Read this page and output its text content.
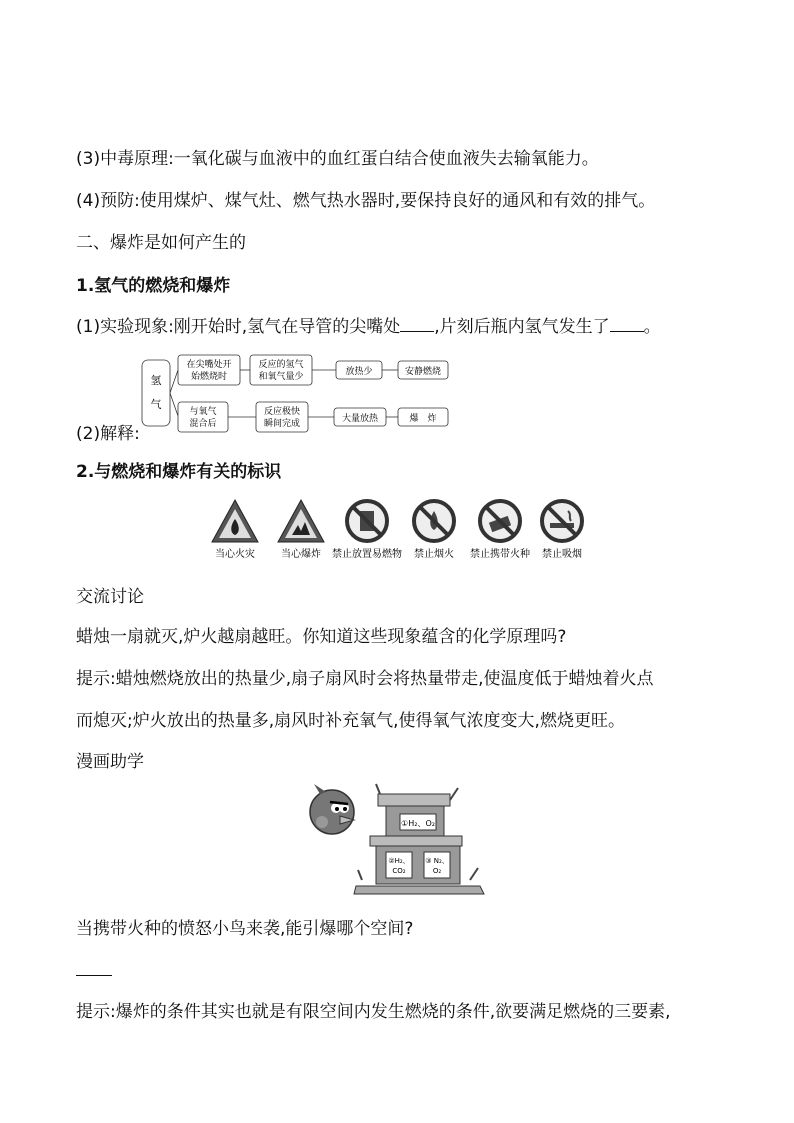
(3)中毒原理:一氧化碳与血液中的血红蛋白结合使血液失去输氧能力。
(4)预防:使用煤炉、煤气灶、燃气热水器时,要保持良好的通风和有效的排气。
二、爆炸是如何产生的
1.氢气的燃烧和爆炸
(1)实验现象:刚开始时,氢气在导管的尖嘴处 ,片刻后瓶内氢气发生了 。
氢
气
在尖嘴处开
始燃烧时
反应的氢气
和氧气量少	放热少	安静燃烧
与氧气
混合后
反应极快
瞬间完成	大量放热	爆　炸
(2)解释:
2.与燃烧和爆炸有关的标识
当心火灾	当心爆炸 禁止放置易燃物 禁止烟火 禁止携带火种 禁止吸烟
交流讨论
蜡烛一扇就灭,炉火越扇越旺。你知道这些现象蕴含的化学原理吗?
提示:蜡烛燃烧放出的热量少,扇子扇风时会将热量带走,使温度低于蜡烛着火点
而熄灭;炉火放出的热量多,扇风时补充氧气,使得氧气浓度变大,燃烧更旺。
漫画助学
①H₂、O₂
②H₂、
CO₂
③ N₂、
O₂
当携带火种的愤怒小鸟来袭,能引爆哪个空间?
提示:爆炸的条件其实也就是有限空间内发生燃烧的条件,欲要满足燃烧的三要素,
